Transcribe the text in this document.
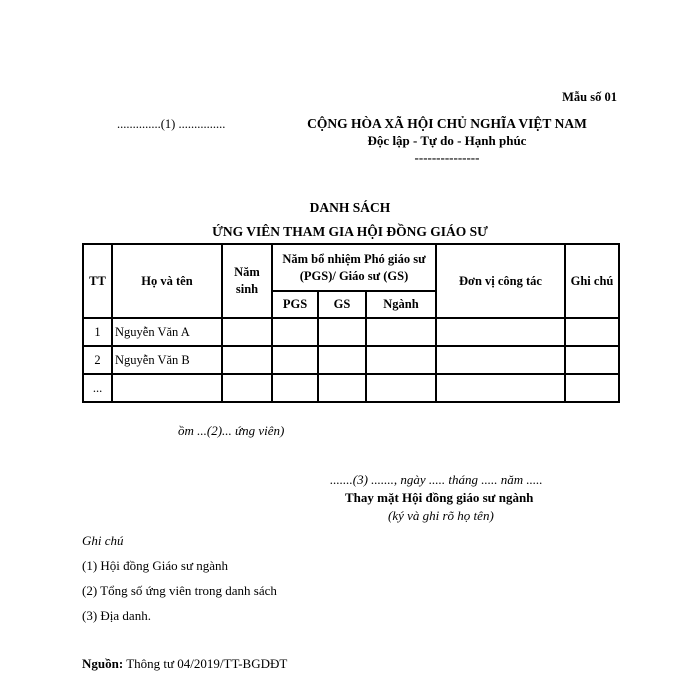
Mẫu số 01
..............(1) ...............	CỘNG HÒA XÃ HỘI CHỦ NGHĨA VIỆT NAM
Độc lập - Tự do - Hạnh phúc
---------------
DANH SÁCH
ỨNG VIÊN THAM GIA HỘI ĐỒNG GIÁO SƯ
TT	Họ và tên	Năm sinh	Năm bổ nhiệm Phó giáo sư (PGS)/ Giáo sư (GS)			Đơn vị công tác	Ghi chú
			PGS	GS	Ngành		
1	Nguyễn Văn A						
2	Nguyễn Văn B						
...							
ồm ...(2)... ứng viên)
.......(3) ......., ngày ..... tháng ..... năm .....
Thay mặt Hội đồng giáo sư ngành
(ký và ghi rõ họ tên)
Ghi chú
(1) Hội đồng Giáo sư ngành
(2) Tổng số ứng viên trong danh sách
(3) Địa danh.
Nguồn: Thông tư 04/2019/TT-BGDĐT
